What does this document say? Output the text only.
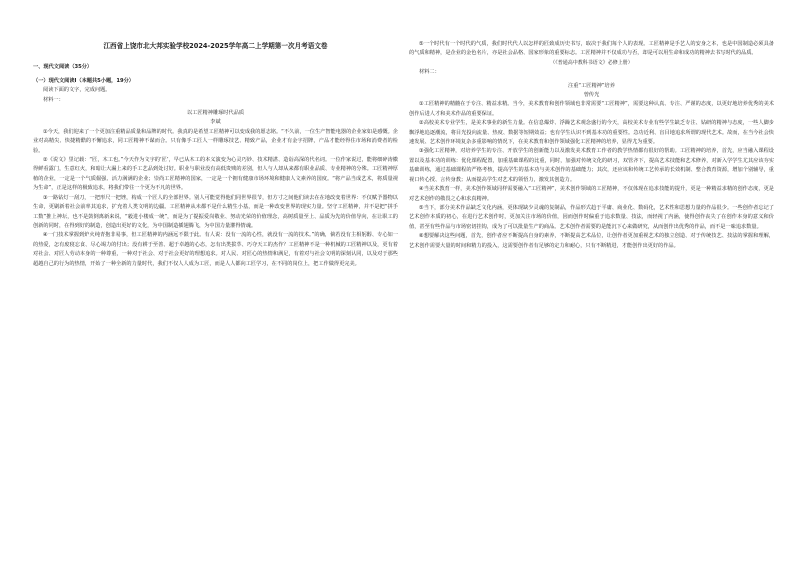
江西省上饶市北大邦实验学校2024-2025学年高二上学期第一次月考语文卷

一、现代文阅读（35分）

（一）现代文阅读Ⅰ（本题共5小题，19分）

阅读下面的文字，完成问题。

材料一：

以工匠精神雕琢时代品质

李斌

①今天，我们迎来了一个更加注重精品质量和品牌的时代。我真的是希望工匠精神可以变成我的愿志铭。“不久前，一位生产智能电器的企业家如是感慨。企业对高精尖、快捷精酷的不懈追求，同工匠精神不谋而合。只有像手工匠人一样雕琢技艺、精致产品，企业才有金字招牌，产品才能经得住市场和消费者的检验。

②《说文》里记载：“匠，木工也。”今天作为文字的‘匠’，早已从木工的本义演变为心灵巧妙、技术精湛、造诣高深的代名词。一位作家说过，能将细碎涛徽得鲜看露门，生意红火，和暗让大漏上来的手工艺品到处讨好。职业与职业没有高低贵贱的差别，但人与人却从来都有职业品质、专业精神的分殊。工匠精神厚植的企业，一定是一个气质倔强、活力满满的企业；崇尚工匠精神的国家，一定是一个拥有健康市场环境和健康人文素养的国度。“将产品当成艺术，将质量视为生命”，正是这样的极致追求，将我们带往一个更为不凡的世界。

③一路钻灯一刮刀，一把形尺一把锉，构成一个匠人的全部世界。别人可能觉得他们同世界很节，但方寸之间他们读去在在地改变着世界：不仅赋予器物以生命，更刷新着社会前率其追求，扩充着人类文明的边疆。工匠精神从未都不是什么精生小基，而是一种改变世界的现实力量。坚守工匠精神，并不是把“拼手工数”推上神坛，也不是鼓倒离新来说，“毅进小楼成一统”，而是为了提振爱岗敬业、努动光荣的价值理念，高树质量至上、品质为先的价值导向，在让职工的创新的同时，在得到好的制造，创造出更好的文化，为中国制造插翅腾飞，为中国力量灌得情魂。

④一门技术掌握到炉火纯青抱非易事，但工匠精神的内涵远不限于此。有人说：没有一流的心性，就没有一流的技术。”的确，倘若没有主相躬醇、专心如一的热爱，怎有废寝忘食、尽心竭力的付出；没有耕于至善、超于卓越的心态，怎有出类拔萃、巧夺天工的杰作？工匠精神不是一种机械的工匠精神以及，更有着对社会、对匠人劳动本身的一种尊重，一种对于社会、对于社会更好的理想追求。对人民、对匠心的热情和满足，有着对与社会文明的深刻认同，以及对于那些超越自己的行为的热情，开始了一种全新的力量时代，我们不仅人人成为工匠，而是人人都向工匠学习，在不同的岗位上，把工作做得更完美。

⑤一个时代有一个时代的气质，我们时代代人以怎样的匠致成历史书写，取决于我们每个人的表现。工匠精神是手艺人的安身之本，也是中国制造必须具备的气质和精神，是企业的金色名片，亦是社会品格、国家形象的重要标志。工匠精神并不仅成功与否，却是可以用生命和成功的精神去书写时代的品质。

（《普通高中教科书语文》必修上册）

材料二：

注重“工匠精神”培养

曾传光

①工匠精神的精髓在于专注、精益求精。当今，美术教育和创作领域也非常需要“工匠精神”，需要这种认真、专注、严谨的态度，以更好地培养优秀的美术创作后进人才和美术作品的重要保证。

②高校美术专业学生，是美术事业的新生力量。在信息爆炸、浮躁艺术观念盛行的今天，高校美术专业有些学生缺乏专注、钻研的精神与态度，一些人脚步飘浮地追逐潮流，将目光投向流量、热度、数据等短期效益；也有学生认识不到基本功的重要性。急功近利、盲目地追求所谓的现代艺术。故而，在当今社会快速发展、艺术创作环境复杂多重影响的情况下，在美术教育和创作领域强化工匠精神的培养，显得尤为重要。

③强化工匠精神，对培养学生的专注、开放学生的创新能力以及激发美术教育工作者的教学热情都有很好的帮助。工匠精神的培养，首先，应当融入课程设置以及基本功的训练：优化课程配置，加重基础课程的比重，同时，加强对传统文化的研习，双管齐下，提高艺术技能和艺术修养，对新入学学生尤其应该夯实基础训练，通过基础课程的严格考核，提高学生的基本功与美术创作的基础能力；其次，还应该和传统工艺传承的长效机制、整合教育资源，增加个别辅导，重视口传心授、言传身教；从而提高学生对艺术的领悟力，激发其创造力。

④当美术教育一样，美术创作领域同样需要融入“工匠精神”，美术创作领域的工匠精神，不仅体现在追求技能的提升，更是一种精益求精的创作态度，更是对艺术创作的敬畏之心和求真精神。

⑤当下，部分美术作品缺乏文化内涵，更体现缺少灵魂的复制品，作品形式趋于平庸、商业化、数码化，艺术性和思想力量的作品很少。一些创作者忘记了艺术创作本质的初心，在进行艺术创作时，更加关注市场的价值，因而创作时偏重于追求数量、技法，而轻视了内涵，使得创作丧失了在创作本身的意义和价值，甚至有些作品与市场密切挂钩，成为了可以批量生产的商品。艺术创作者需要的是能沉下心来做研究，从而创作出优秀的作品，而不是一味追求数量。

⑥想要解决这些问题，首先，创作者应不断提高自身的素养，不断提高艺术品位，让创作者更加重视艺术的独立创造、对于传统技艺、技法的掌握和理解，艺术创作需要大量的时间和精力的投入，这需要创作者有足够的定力和耐心，只有不断精进，才能创作出更好的作品。
